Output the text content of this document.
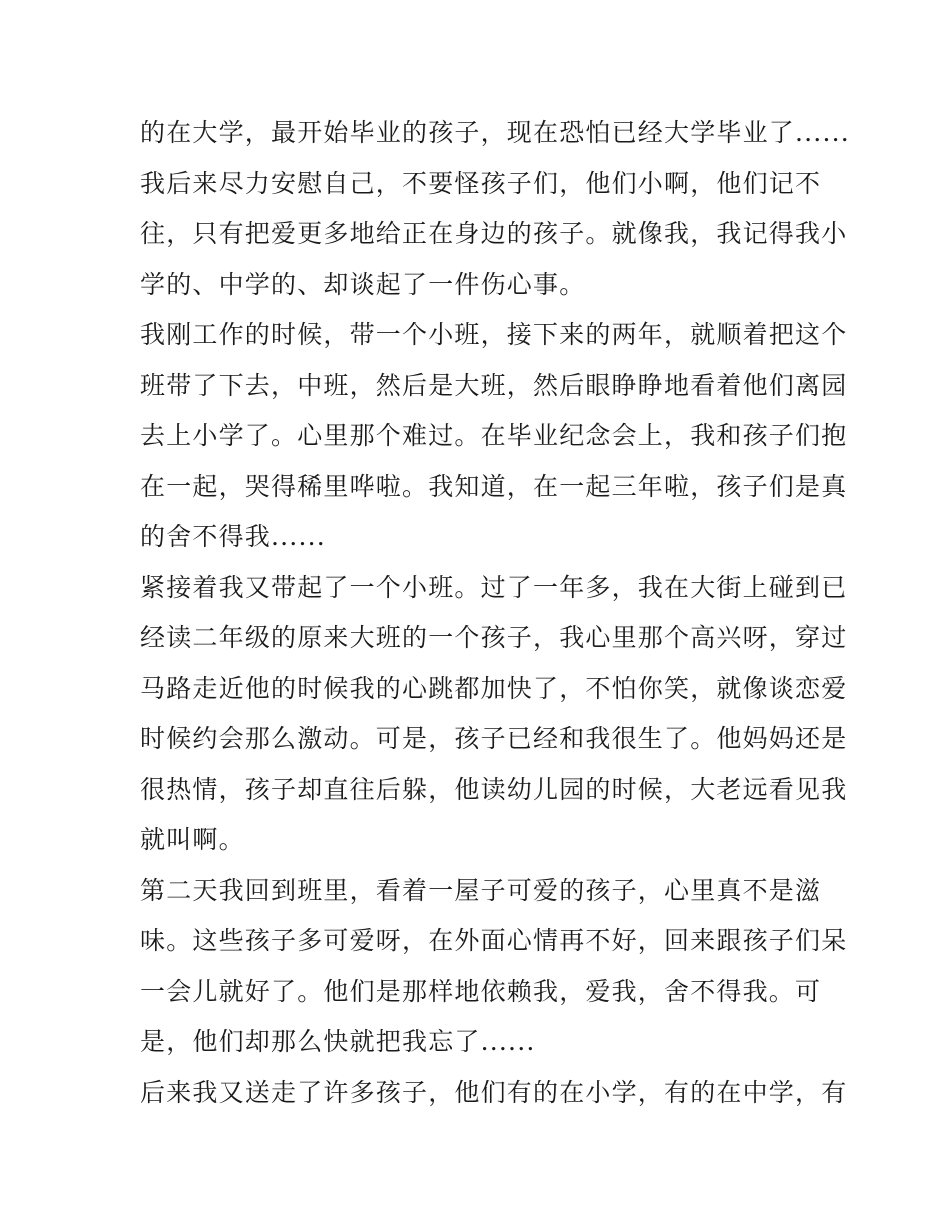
的在大学，最开始毕业的孩子，现在恐怕已经大学毕业了......
我后来尽力安慰自己，不要怪孩子们，他们小啊，他们记不
往，只有把爱更多地给正在身边的孩子。就像我，我记得我小
学的、中学的、却谈起了一件伤心事。
我刚工作的时候，带一个小班，接下来的两年，就顺着把这个
班带了下去，中班，然后是大班，然后眼睁睁地看着他们离园
去上小学了。心里那个难过。在毕业纪念会上，我和孩子们抱
在一起，哭得稀里哗啦。我知道，在一起三年啦，孩子们是真
的舍不得我......
紧接着我又带起了一个小班。过了一年多，我在大街上碰到已
经读二年级的原来大班的一个孩子，我心里那个高兴呀，穿过
马路走近他的时候我的心跳都加快了，不怕你笑，就像谈恋爱
时候约会那么激动。可是，孩子已经和我很生了。他妈妈还是
很热情，孩子却直往后躲，他读幼儿园的时候，大老远看见我
就叫啊。
第二天我回到班里，看着一屋子可爱的孩子，心里真不是滋
味。这些孩子多可爱呀，在外面心情再不好，回来跟孩子们呆
一会儿就好了。他们是那样地依赖我，爱我，舍不得我。可
是，他们却那么快就把我忘了......
后来我又送走了许多孩子，他们有的在小学，有的在中学，有
